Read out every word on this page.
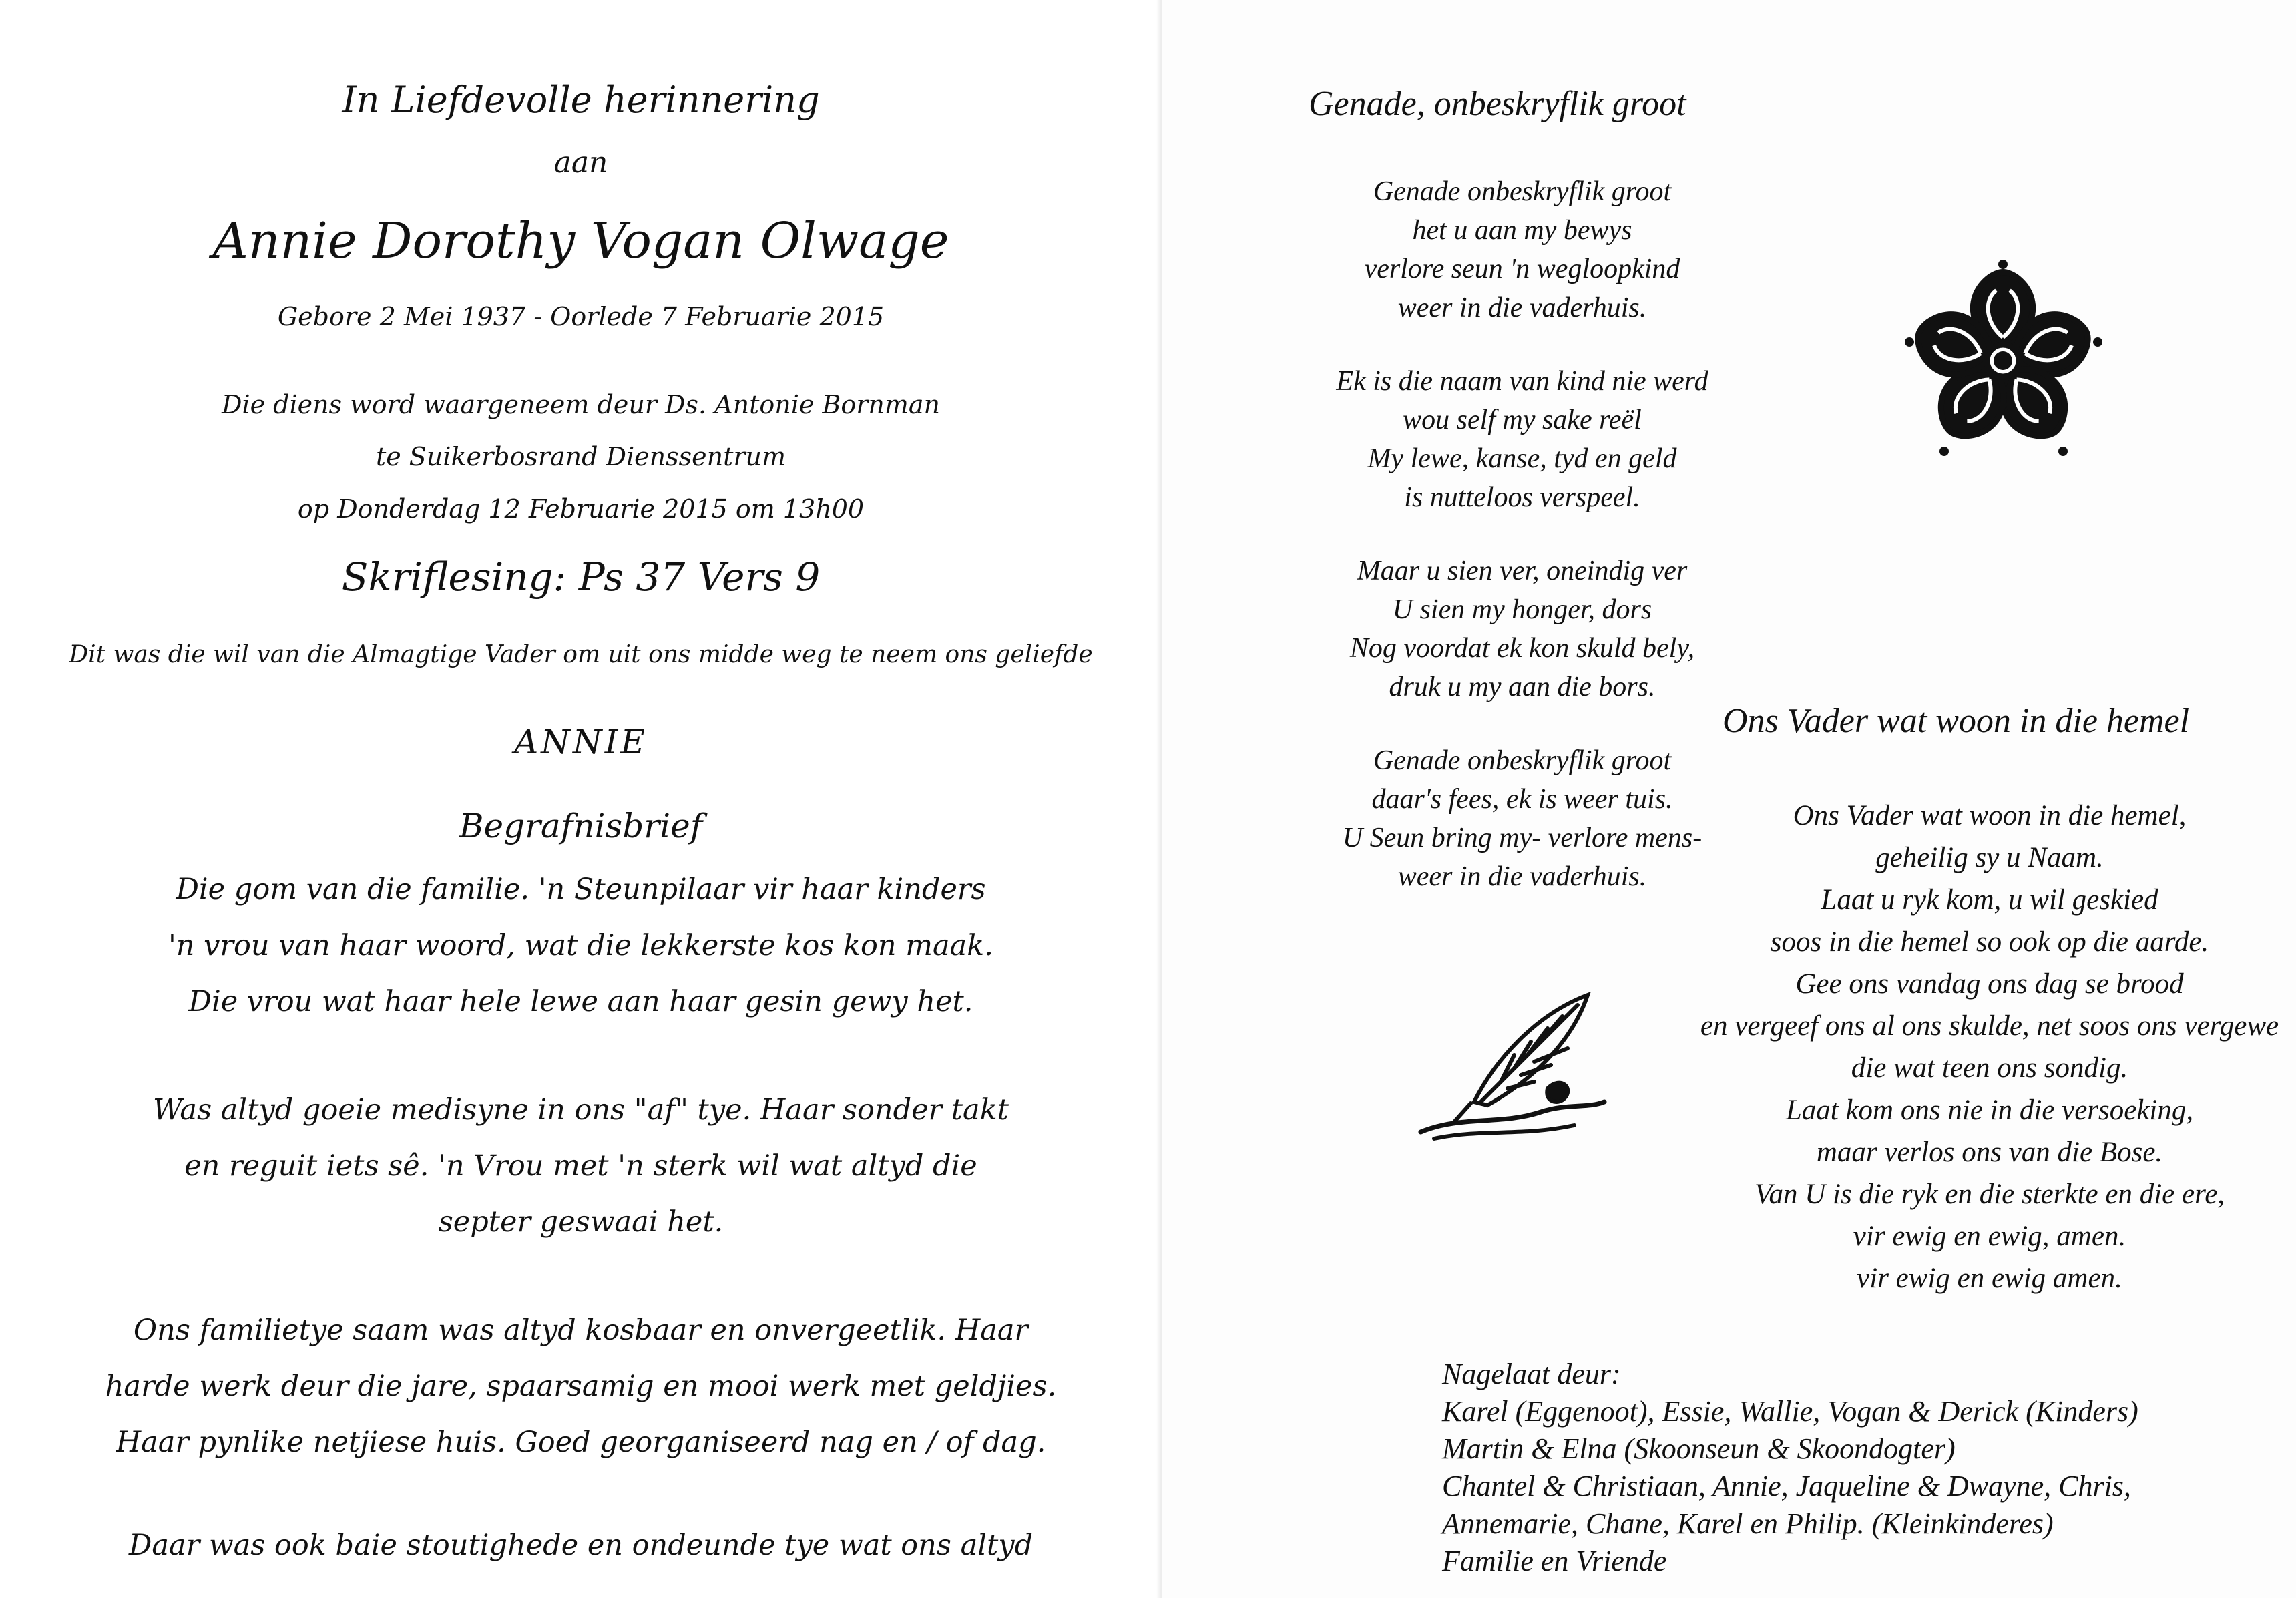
In Liefdevolle herinnering
aan
Annie Dorothy Vogan Olwage
Gebore 2 Mei 1937 - Oorlede 7 Februarie 2015
Die diens word waargeneem deur Ds. Antonie Bornman
te Suikerbosrand Dienssentrum
op Donderdag 12 Februarie 2015 om 13h00
Skriflesing: Ps 37 Vers 9
Dit was die wil van die Almagtige Vader om uit ons midde weg te neem ons geliefde
ANNIE
Begrafnisbrief
Die gom van die familie. 'n Steunpilaar vir haar kinders
'n vrou van haar woord, wat die lekkerste kos kon maak.
Die vrou wat haar hele lewe aan haar gesin gewy het.
Was altyd goeie medisyne in ons "af" tye. Haar sonder takt
en reguit iets sê. 'n Vrou met 'n sterk wil wat altyd die
septer geswaai het.
Ons familietye saam was altyd kosbaar en onvergeetlik. Haar
harde werk deur die jare, spaarsamig en mooi werk met geldjies.
Haar pynlike netjiese huis. Goed georganiseerd nag en / of dag.
Daar was ook baie stoutighede en ondeunde tye wat ons altyd
Genade, onbeskryflik groot
Genade onbeskryflik groot
het u aan my bewys
verlore seun 'n wegloopkind
weer in die vaderhuis.
Ek is die naam van kind nie werd
wou self my sake reël
My lewe, kanse, tyd en geld
is nutteloos verspeel.
Maar u sien ver, oneindig ver
U sien my honger, dors
Nog voordat ek kon skuld bely,
druk u my aan die bors.
Genade onbeskryflik groot
daar's fees, ek is weer tuis.
U Seun bring my- verlore mens-
weer in die vaderhuis.
Ons Vader wat woon in die hemel
Ons Vader wat woon in die hemel,
geheilig sy u Naam.
Laat u ryk kom, u wil geskied
soos in die hemel so ook op die aarde.
Gee ons vandag ons dag se brood
en vergeef ons al ons skulde, net soos ons vergewe
die wat teen ons sondig.
Laat kom ons nie in die versoeking,
maar verlos ons van die Bose.
Van U is die ryk en die sterkte en die ere,
vir ewig en ewig, amen.
vir ewig en ewig amen.
Nagelaat deur:
Karel (Eggenoot), Essie, Wallie, Vogan & Derick (Kinders)
Martin & Elna (Skoonseun & Skoondogter)
Chantel & Christiaan, Annie, Jaqueline & Dwayne, Chris,
Annemarie, Chane, Karel en Philip. (Kleinkinderes)
Familie en Vriende
